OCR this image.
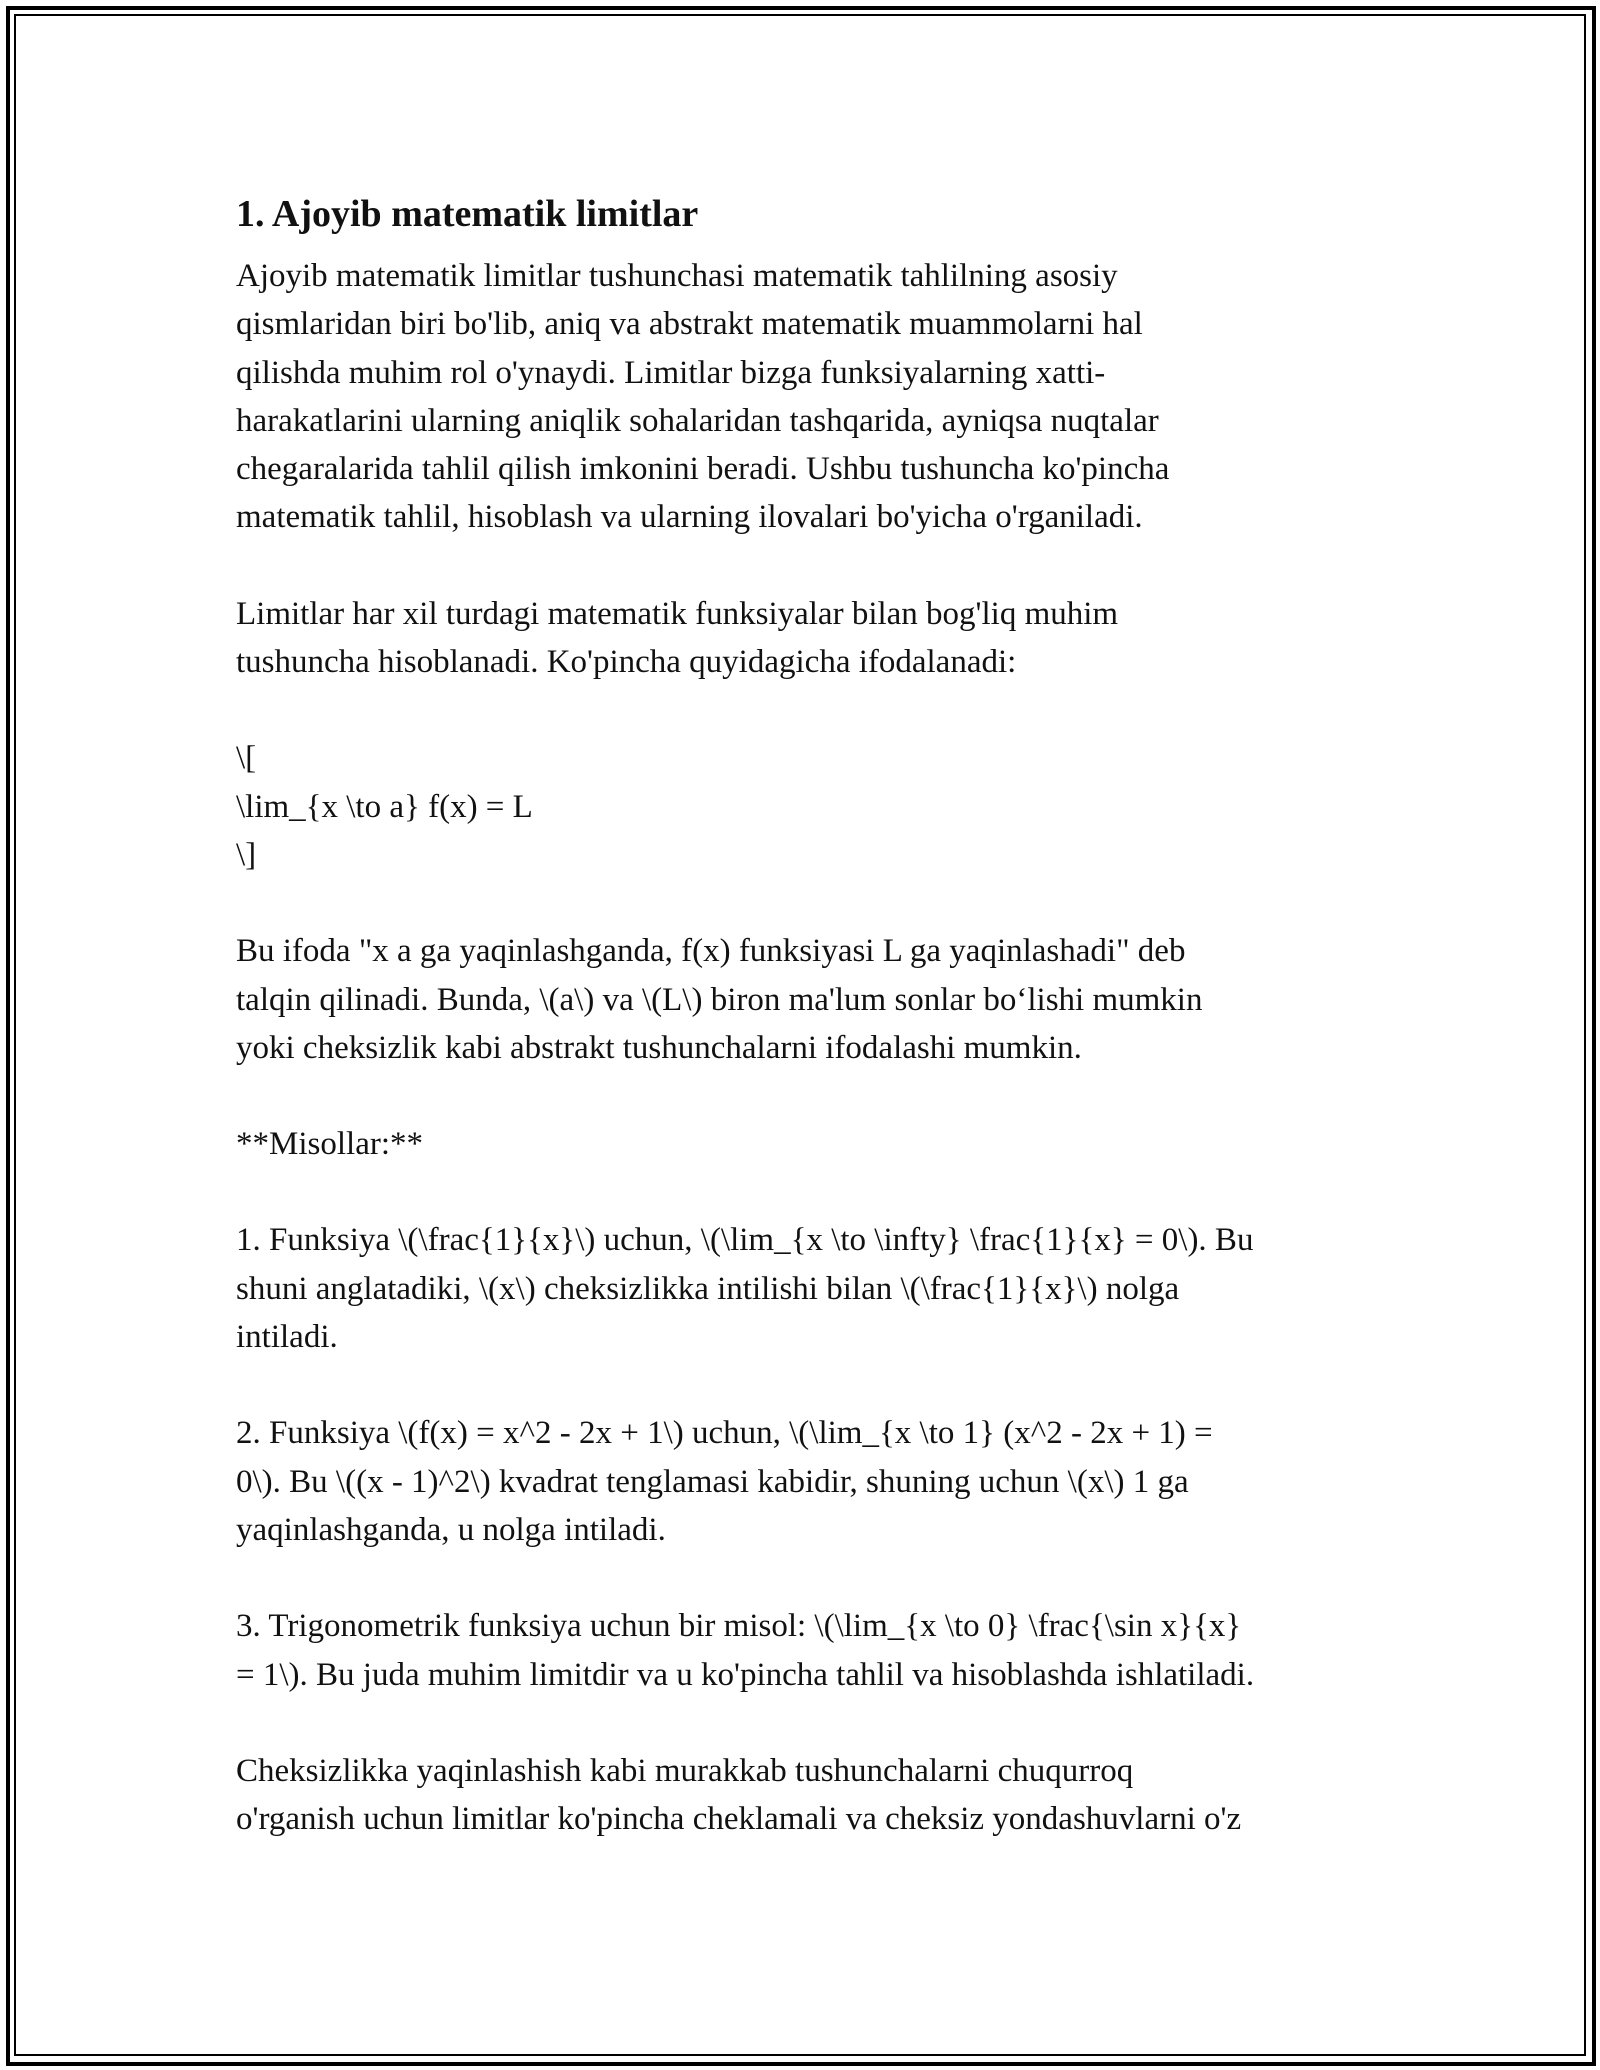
1. Ajoyib matematik limitlar
Ajoyib matematik limitlar tushunchasi matematik tahlilning asosiy
qismlaridan biri bo'lib, aniq va abstrakt matematik muammolarni hal
qilishda muhim rol o'ynaydi. Limitlar bizga funksiyalarning xatti-
harakatlarini ularning aniqlik sohalaridan tashqarida, ayniqsa nuqtalar
chegaralarida tahlil qilish imkonini beradi. Ushbu tushuncha ko'pincha
matematik tahlil, hisoblash va ularning ilovalari bo'yicha o'rganiladi.
Limitlar har xil turdagi matematik funksiyalar bilan bog'liq muhim
tushuncha hisoblanadi. Ko'pincha quyidagicha ifodalanadi:
\[
\lim_{x \to a} f(x) = L
\]
Bu ifoda "x a ga yaqinlashganda, f(x) funksiyasi L ga yaqinlashadi" deb
talqin qilinadi. Bunda, \(a\) va \(L\) biron ma'lum sonlar bo‘lishi mumkin
yoki cheksizlik kabi abstrakt tushunchalarni ifodalashi mumkin.
**Misollar:**
1. Funksiya \(\frac{1}{x}\) uchun, \(\lim_{x \to \infty} \frac{1}{x} = 0\). Bu
shuni anglatadiki, \(x\) cheksizlikka intilishi bilan \(\frac{1}{x}\) nolga
intiladi.
2. Funksiya \(f(x) = x^2 - 2x + 1\) uchun, \(\lim_{x \to 1} (x^2 - 2x + 1) =
0\). Bu \((x - 1)^2\) kvadrat tenglamasi kabidir, shuning uchun \(x\) 1 ga
yaqinlashganda, u nolga intiladi.
3. Trigonometrik funksiya uchun bir misol: \(\lim_{x \to 0} \frac{\sin x}{x}
= 1\). Bu juda muhim limitdir va u ko'pincha tahlil va hisoblashda ishlatiladi.
Cheksizlikka yaqinlashish kabi murakkab tushunchalarni chuqurroq
o'rganish uchun limitlar ko'pincha cheklamali va cheksiz yondashuvlarni o'z
